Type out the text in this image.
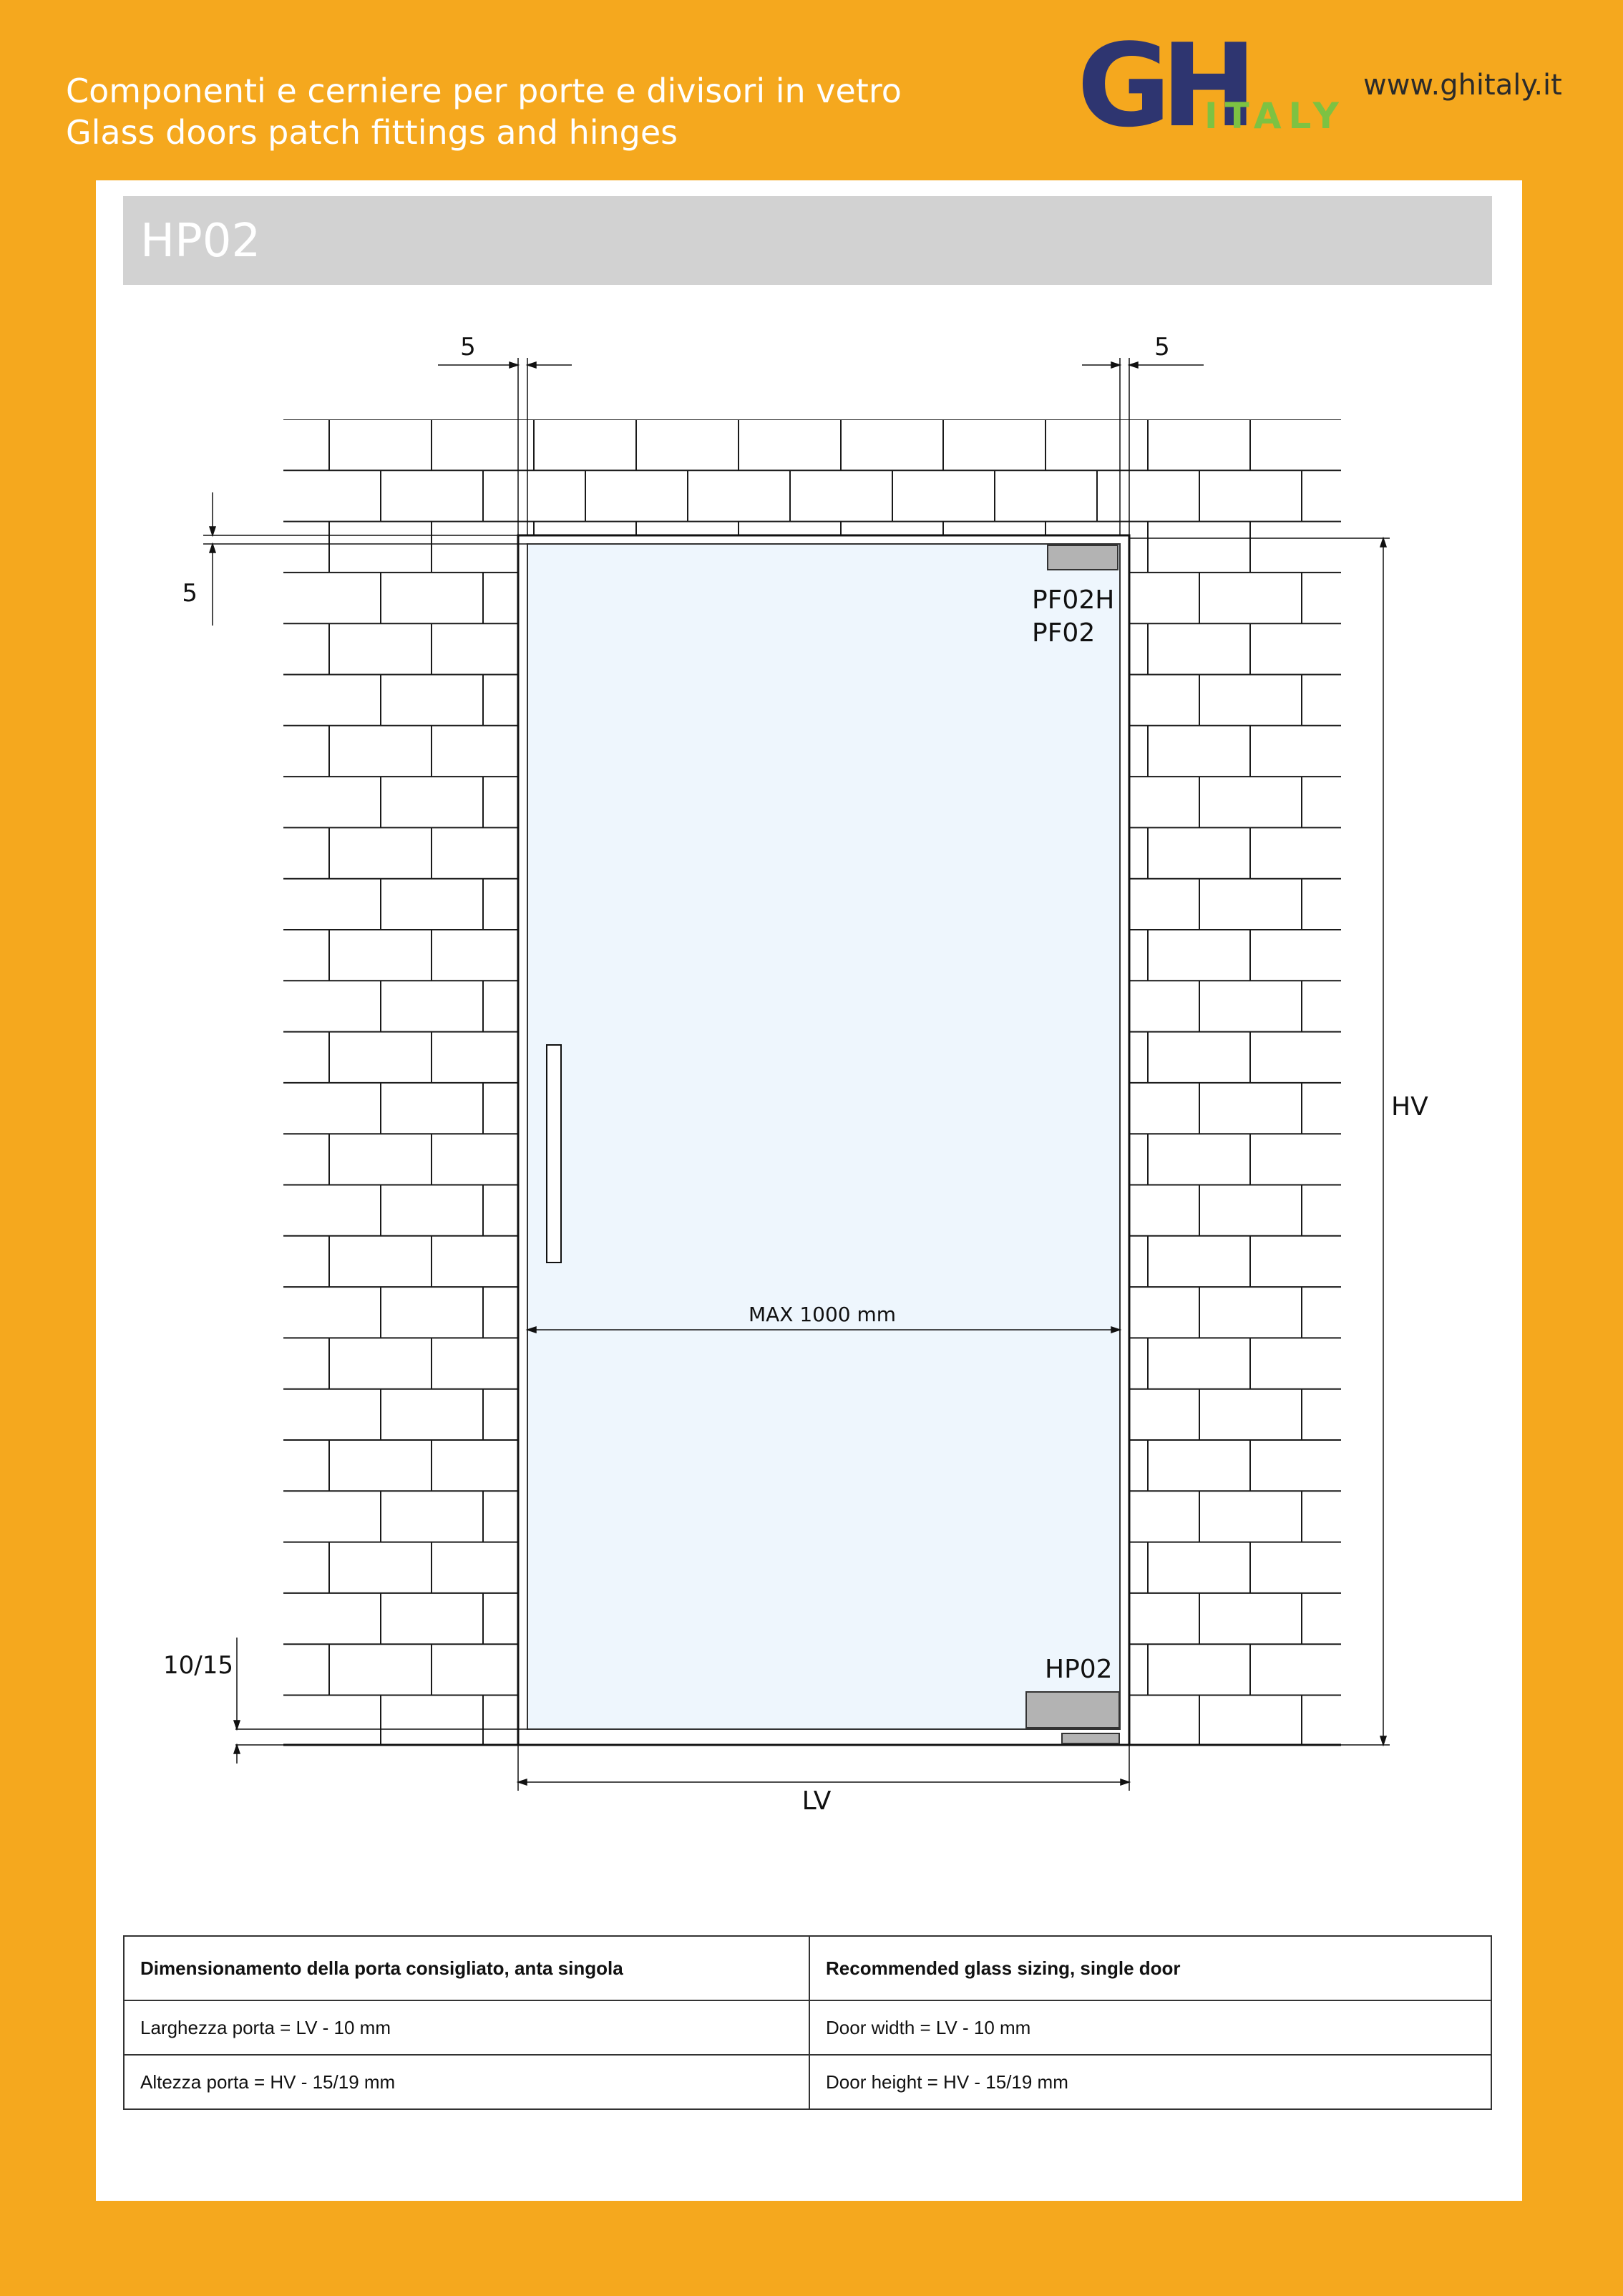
Componenti e cerniere per porte e divisori in vetro
Glass doors patch fittings and hinges	GH
ITALY
www.ghitaly.it
HP02
5	5
5
10/15
PF02H
PF02
HP02
MAX 1000 mm
LV
HV
Dimensionamento della porta consigliato, anta singola	Recommended glass sizing, single door
Larghezza porta = LV - 10 mm	Door width = LV - 10 mm
Altezza porta = HV - 15/19 mm	Door height = HV - 15/19 mm
